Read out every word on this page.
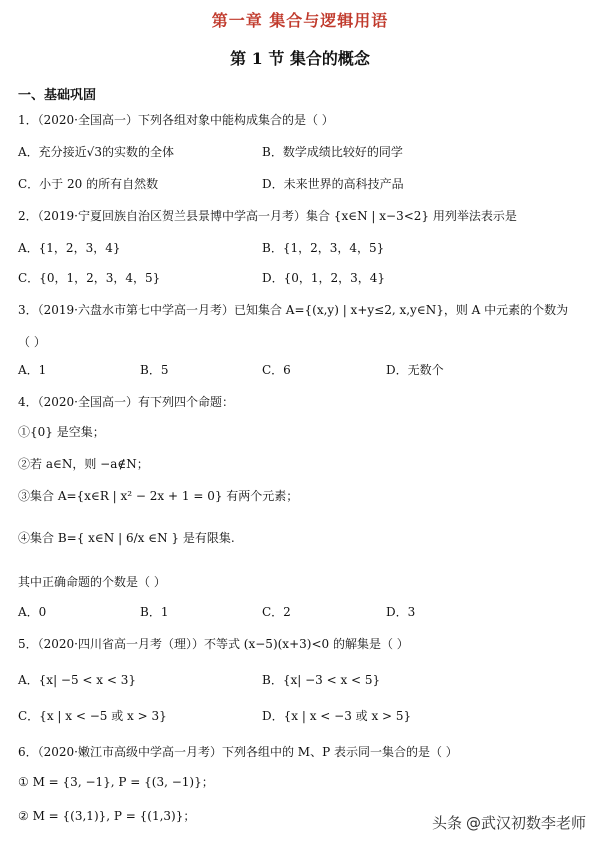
第一章 集合与逻辑用语
第 1 节 集合的概念
一、基础巩固
1．（2020·全国高一）下列各组对象中能构成集合的是（ ）
A．充分接近√3的实数的全体	B．数学成绩比较好的同学
C．小于 20 的所有自然数	D．未来世界的高科技产品
2．（2019·宁夏回族自治区贺兰县景博中学高一月考）集合 {x∈N | x−3<2} 用列举法表示是
A．{1，2，3，4}	B．{1，2，3，4，5}
C．{0，1，2，3，4，5}	D．{0，1，2，3，4}
3．（2019·六盘水市第七中学高一月考）已知集合 A={(x,y) | x+y≤2, x,y∈N}，则 A 中元素的个数为
（ ）
A．1	B．5	C．6	D．无数个
4．（2020·全国高一）有下列四个命题：
①{0} 是空集；
②若 a∈N，则 −a∉N；
③集合 A={x∈R | x² − 2x + 1 = 0} 有两个元素；
④集合 B={ x∈N | 6/x ∈N } 是有限集.
其中正确命题的个数是（ ）
A．0	B．1	C．2	D．3
5．（2020·四川省高一月考（理））不等式 (x−5)(x+3)<0 的解集是（ ）
A．{x| −5 < x < 3}	B．{x| −3 < x < 5}
C．{x | x < −5 或 x > 3}	D．{x | x < −3 或 x > 5}
6．（2020·嫩江市高级中学高一月考）下列各组中的 M、P 表示同一集合的是（ ）
① M = {3, −1}, P = {(3, −1)}；
② M = {(3,1)}, P = {(1,3)}；	头条 @武汉初数李老师
